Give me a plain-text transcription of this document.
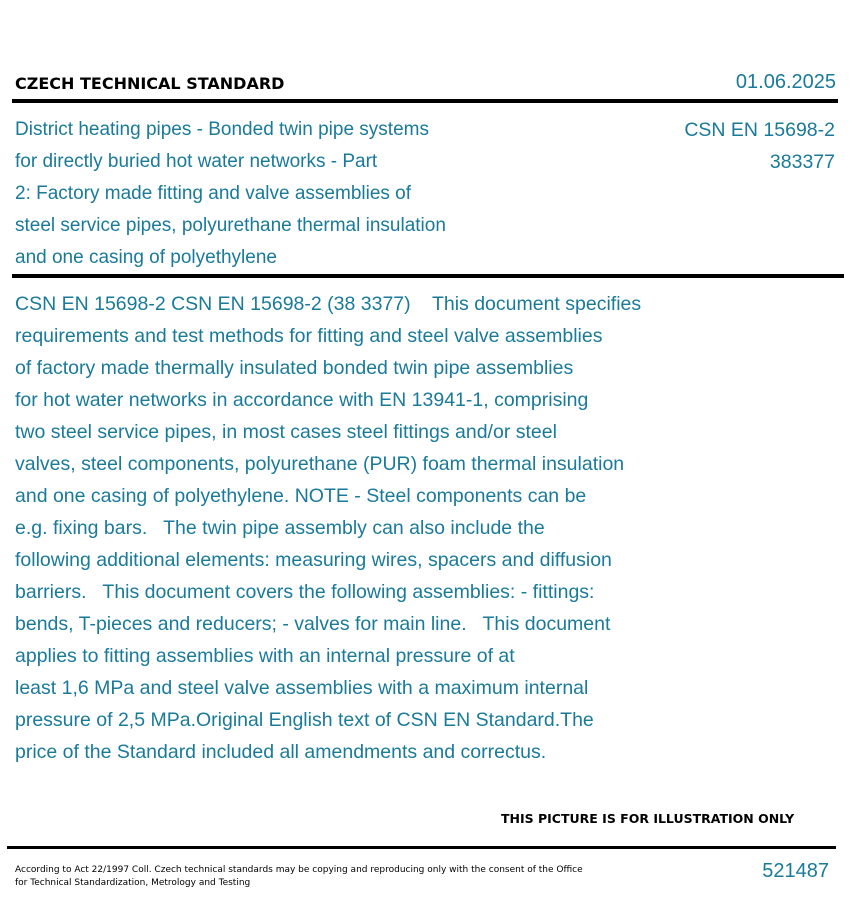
CZECH TECHNICAL STANDARD	01.06.2025
District heating pipes - Bonded twin pipe systems
for directly buried hot water networks - Part
2: Factory made fitting and valve assemblies of
steel service pipes, polyurethane thermal insulation
and one casing of polyethylene
CSN EN 15698-2
383377
CSN EN 15698-2 CSN EN 15698-2 (38 3377)    This document specifies
requirements and test methods for fitting and steel valve assemblies
of factory made thermally insulated bonded twin pipe assemblies
for hot water networks in accordance with EN 13941-1, comprising
two steel service pipes, in most cases steel fittings and/or steel
valves, steel components, polyurethane (PUR) foam thermal insulation
and one casing of polyethylene. NOTE - Steel components can be
e.g. fixing bars.   The twin pipe assembly can also include the
following additional elements: measuring wires, spacers and diffusion
barriers.   This document covers the following assemblies: - fittings:
bends, T-pieces and reducers; - valves for main line.   This document
applies to fitting assemblies with an internal pressure of at
least 1,6 MPa and steel valve assemblies with a maximum internal
pressure of 2,5 MPa.Original English text of CSN EN Standard.The
price of the Standard included all amendments and correctus.
THIS PICTURE IS FOR ILLUSTRATION ONLY
According to Act 22/1997 Coll. Czech technical standards may be copying and reproducing only with the consent of the Office
for Technical Standardization, Metrology and Testing
521487
